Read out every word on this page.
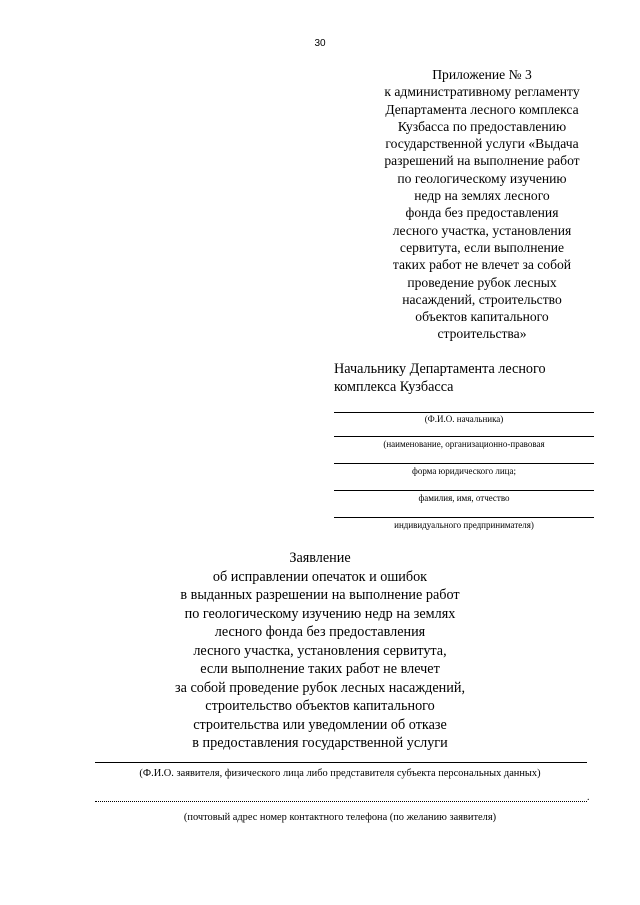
30
Приложение № 3
к административному регламенту
Департамента лесного комплекса
Кузбасса по предоставлению
государственной услуги «Выдача
разрешений на выполнение работ
по геологическому изучению
недр на землях лесного
фонда без предоставления
лесного участка, установления
сервитута, если выполнение
таких работ не влечет за собой
проведение рубок лесных
насаждений, строительство
объектов капитального
строительства»
Начальнику Департамента лесного
комплекса Кузбасса
(Ф.И.О. начальника)
(наименование, организационно-правовая
форма юридического лица;
фамилия, имя, отчество
индивидуального предпринимателя)
Заявление
об исправлении опечаток и ошибок
в выданных разрешении на выполнение работ
по геологическому изучению недр на землях
лесного фонда без предоставления
лесного участка, установления сервитута,
если выполнение таких работ не влечет
за собой проведение рубок лесных насаждений,
строительство объектов капитального
строительства или уведомлении об отказе
в предоставления государственной услуги
(Ф.И.О. заявителя, физического лица либо представителя субъекта персональных данных)
.
(почтовый адрес номер контактного телефона (по желанию заявителя)
